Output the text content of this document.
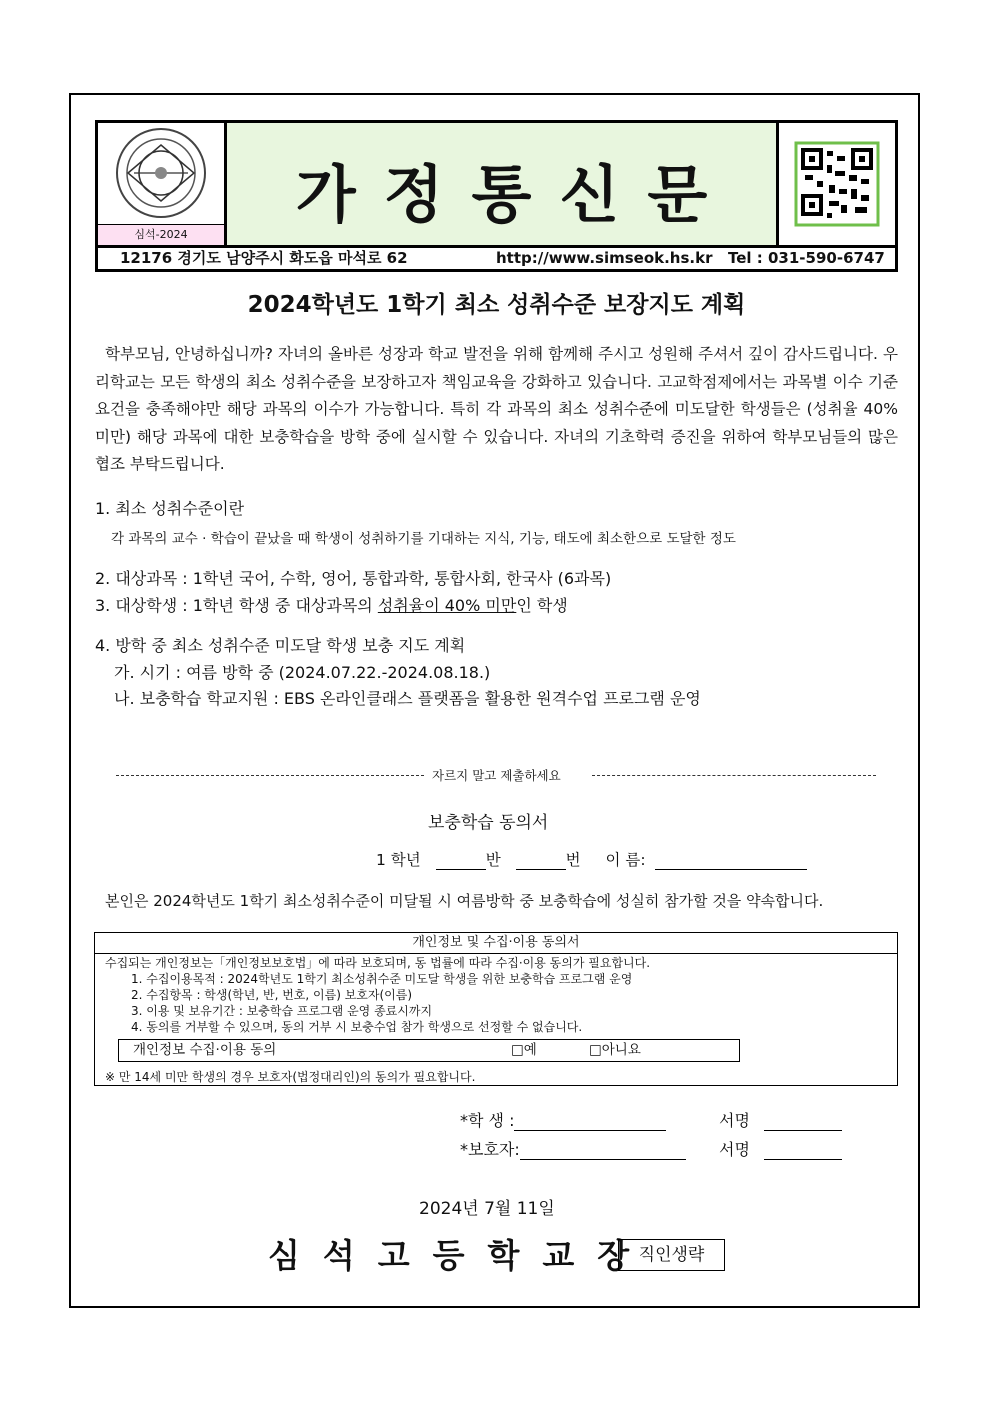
심석-2024
가정통신문
12176 경기도 남양주시 화도읍 마석로 62	http://www.simseok.hs.kr Tel : 031-590-6747
2024학년도 1학기 최소 성취수준 보장지도 계획
학부모님, 안녕하십니까? 자녀의 올바른 성장과 학교 발전을 위해 함께해 주시고 성원해 주셔서 깊이 감사드립니다. 우리학교는 모든 학생의 최소 성취수준을 보장하고자 책임교육을 강화하고 있습니다. 고교학점제에서는 과목별 이수 기준 요건을 충족해야만 해당 과목의 이수가 가능합니다. 특히 각 과목의 최소 성취수준에 미도달한 학생들은 (성취율 40% 미만) 해당 과목에 대한 보충학습을 방학 중에 실시할 수 있습니다. 자녀의 기초학력 증진을 위하여 학부모님들의 많은 협조 부탁드립니다.
1. 최소 성취수준이란
각 과목의 교수 · 학습이 끝났을 때 학생이 성취하기를 기대하는 지식, 기능, 태도에 최소한으로 도달한 정도
2. 대상과목 : 1학년 국어, 수학, 영어, 통합과학, 통합사회, 한국사 (6과목)
3. 대상학생 : 1학년 학생 중 대상과목의 성취율이 40% 미만인 학생
4. 방학 중 최소 성취수준 미도달 학생 보충 지도 계획
가. 시기 : 여름 방학 중 (2024.07.22.-2024.08.18.)
나. 보충학습 학교지원 : EBS 온라인클래스 플랫폼을 활용한 원격수업 프로그램 운영
자르지 말고 제출하세요
보충학습 동의서
1 학년	반	번 이 름:
본인은 2024학년도 1학기 최소성취수준이 미달될 시 여름방학 중 보충학습에 성실히 참가할 것을 약속합니다.
개인정보 및 수집·이용 동의서
수집되는 개인정보는「개인정보보호법」에 따라 보호되며, 동 법률에 따라 수집·이용 동의가 필요합니다.
1. 수집이용목적 : 2024학년도 1학기 최소성취수준 미도달 학생을 위한 보충학습 프로그램 운영
2. 수집항목 : 학생(학년, 반, 번호, 이름) 보호자(이름)
3. 이용 및 보유기간 : 보충학습 프로그램 운영 종료시까지
4. 동의를 거부할 수 있으며, 동의 거부 시 보충수업 참가 학생으로 선정할 수 없습니다.
개인정보 수집·이용 동의	□예	□아니요
※ 만 14세 미만 학생의 경우 보호자(법정대리인)의 동의가 필요합니다.
*학 생 :	서명
*보호자:	서명
2024년 7월 11일
심석고등학교장
직인생략
